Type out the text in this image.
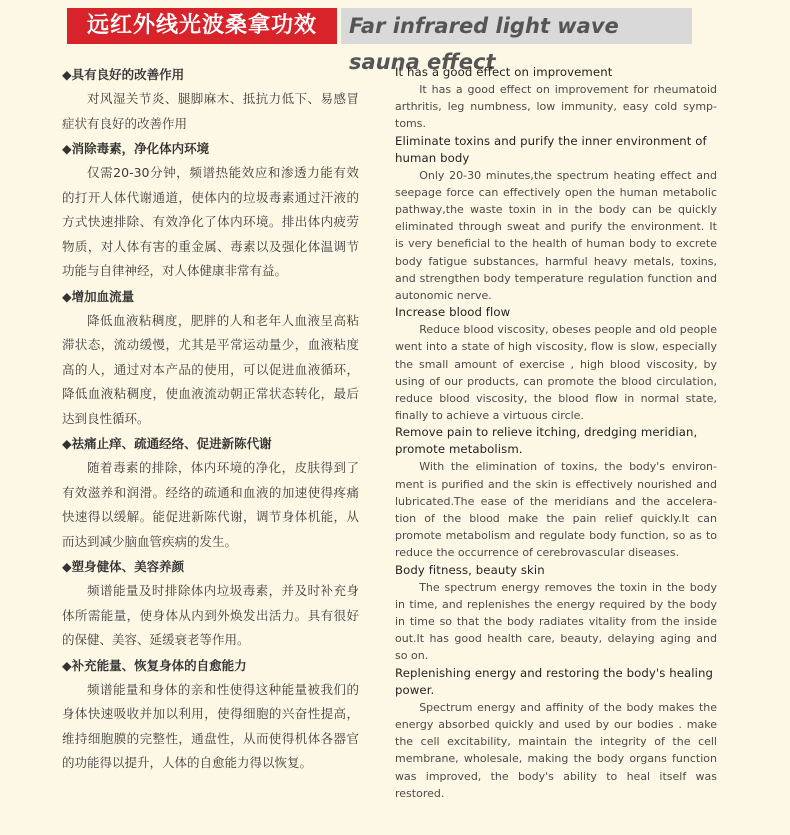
远红外线光波桑拿功效	Far infrared light wave sauna effect
◆具有良好的改善作用
对风湿关节炎、腿脚麻木、抵抗力低下、易感冒症状有良好的改善作用
◆消除毒素，净化体内环境
仅需20-30分钟，频谱热能效应和渗透力能有效的打开人体代谢通道，使体内的垃圾毒素通过汗液的方式快速排除、有效净化了体内环境。排出体内疲劳物质，对人体有害的重金属、毒素以及强化体温调节功能与自律神经，对人体健康非常有益。
◆增加血流量
降低血液粘稠度，肥胖的人和老年人血液呈高粘滞状态，流动缓慢，尤其是平常运动量少，血液粘度高的人，通过对本产品的使用，可以促进血液循环，降低血液粘稠度，使血液流动朝正常状态转化，最后达到良性循环。
◆祛痛止痒、疏通经络、促进新陈代谢
随着毒素的排除，体内环境的净化，皮肤得到了有效滋养和润滑。经络的疏通和血液的加速使得疼痛快速得以缓解。能促进新陈代谢，调节身体机能，从而达到减少脑血管疾病的发生。
◆塑身健体、美容养颜
频谱能量及时排除体内垃圾毒素，并及时补充身体所需能量，使身体从内到外焕发出活力。具有很好的保健、美容、延缓衰老等作用。
◆补充能量、恢复身体的自愈能力
频谱能量和身体的亲和性使得这种能量被我们的身体快速吸收并加以利用，使得细胞的兴奋性提高，维持细胞膜的完整性，通盘性，从而使得机体各器官的功能得以提升，人体的自愈能力得以恢复。
It has a good effect on improvement
It has a good effect on improvement for rheumatoid arthritis, leg numbness, low immunity, easy cold symp-toms.
Eliminate toxins and purify the inner environment of human body
Only 20-30 minutes,the spectrum heating effect and seepage force can effectively open the human metabolic pathway,the waste toxin in in the body can be quickly eliminated through sweat and purify the environment. It is very beneficial to the health of human body to excrete body fatigue substances, harmful heavy metals, toxins, and strengthen body temperature regulation function and autonomic nerve.
Increase blood flow
Reduce blood viscosity, obeses people and old people went into a state of high viscosity, flow is slow, especially the small amount of exercise , high blood viscosity, by using of our products, can promote the blood circulation, reduce blood viscosity, the blood flow in normal state, finally to achieve a virtuous circle.
Remove pain to relieve itching, dredging meridian, promote metabolism.
With the elimination of toxins, the body's environ-ment is purified and the skin is effectively nourished and lubricated.The ease of the meridians and the accelera-tion of the blood make the pain relief quickly.It can promote metabolism and regulate body function, so as to reduce the occurrence of cerebrovascular diseases.
Body fitness, beauty skin
The spectrum energy removes the toxin in the body in time, and replenishes the energy required by the body in time so that the body radiates vitality from the inside out.It has good health care, beauty, delaying aging and so on.
Replenishing energy and restoring the body's healing power.
Spectrum energy and affinity of the body makes the energy absorbed quickly and used by our bodies . make the cell excitability, maintain the integrity of the cell membrane, wholesale, making the body organs function was improved, the body's ability to heal itself was restored.
